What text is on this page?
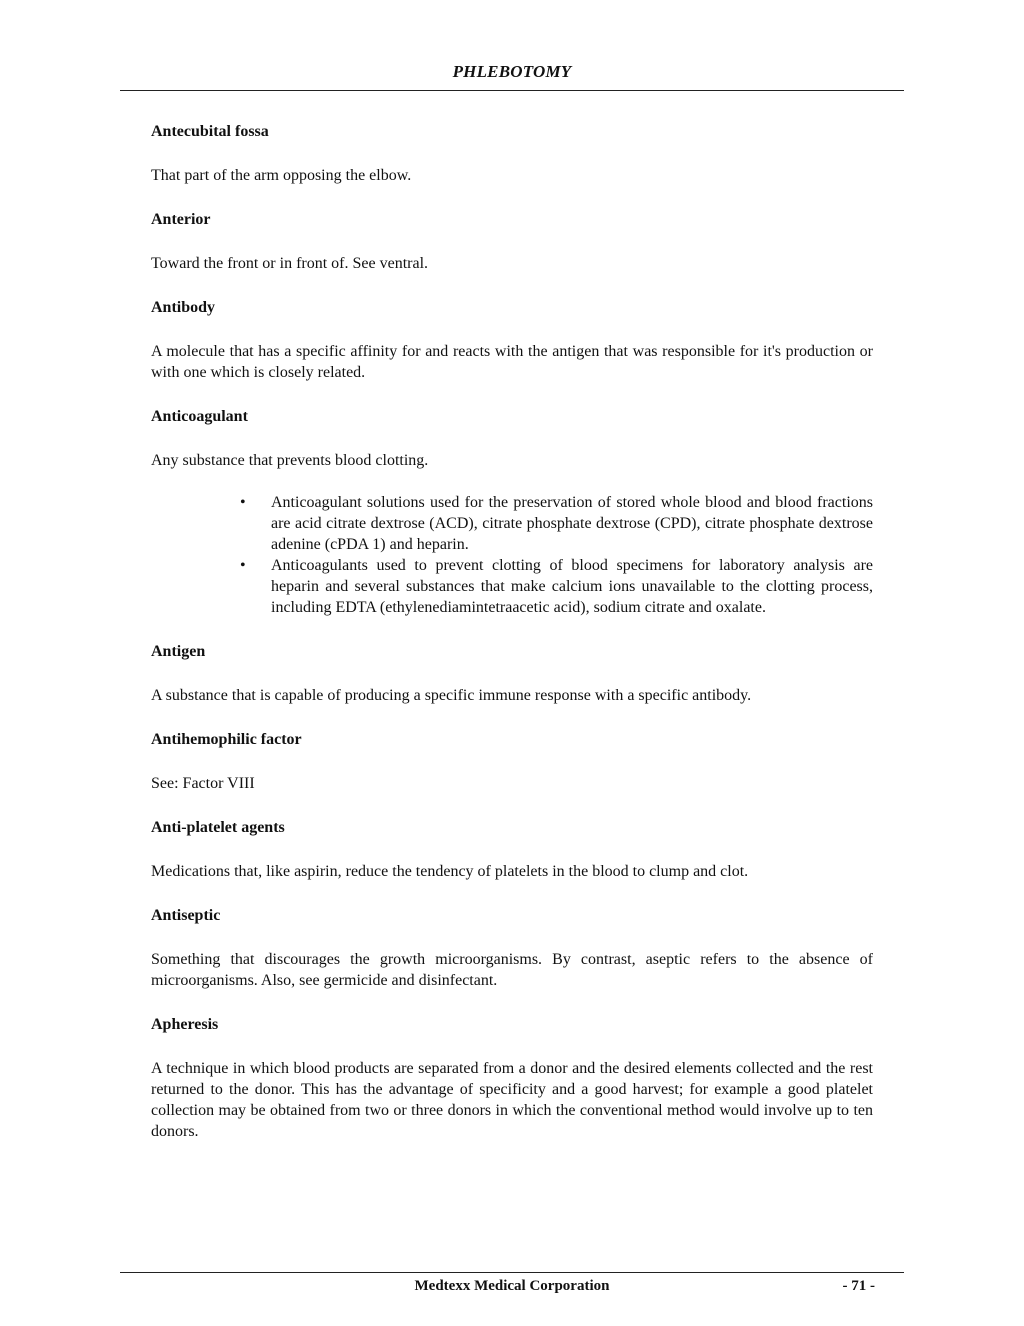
PHLEBOTOMY

Antecubital fossa

That part of the arm opposing the elbow.

Anterior

Toward the front or in front of. See ventral.

Antibody

A molecule that has a specific affinity for and reacts with the antigen that was responsible for it's production or with one which is closely related.

Anticoagulant

Any substance that prevents blood clotting.

• Anticoagulant solutions used for the preservation of stored whole blood and blood fractions are acid citrate dextrose (ACD), citrate phosphate dextrose (CPD), citrate phosphate dextrose adenine (cPDA 1) and heparin.
• Anticoagulants used to prevent clotting of blood specimens for laboratory analysis are heparin and several substances that make calcium ions unavailable to the clotting process, including EDTA (ethylenediamintetraacetic acid), sodium citrate and oxalate.

Antigen

A substance that is capable of producing a specific immune response with a specific antibody.

Antihemophilic factor

See: Factor VIII

Anti-platelet agents

Medications that, like aspirin, reduce the tendency of platelets in the blood to clump and clot.

Antiseptic

Something that discourages the growth microorganisms. By contrast, aseptic refers to the absence of microorganisms. Also, see germicide and disinfectant.

Apheresis

A technique in which blood products are separated from a donor and the desired elements collected and the rest returned to the donor. This has the advantage of specificity and a good harvest; for example a good platelet collection may be obtained from two or three donors in which the conventional method would involve up to ten donors.

Medtexx Medical Corporation	- 71 -
